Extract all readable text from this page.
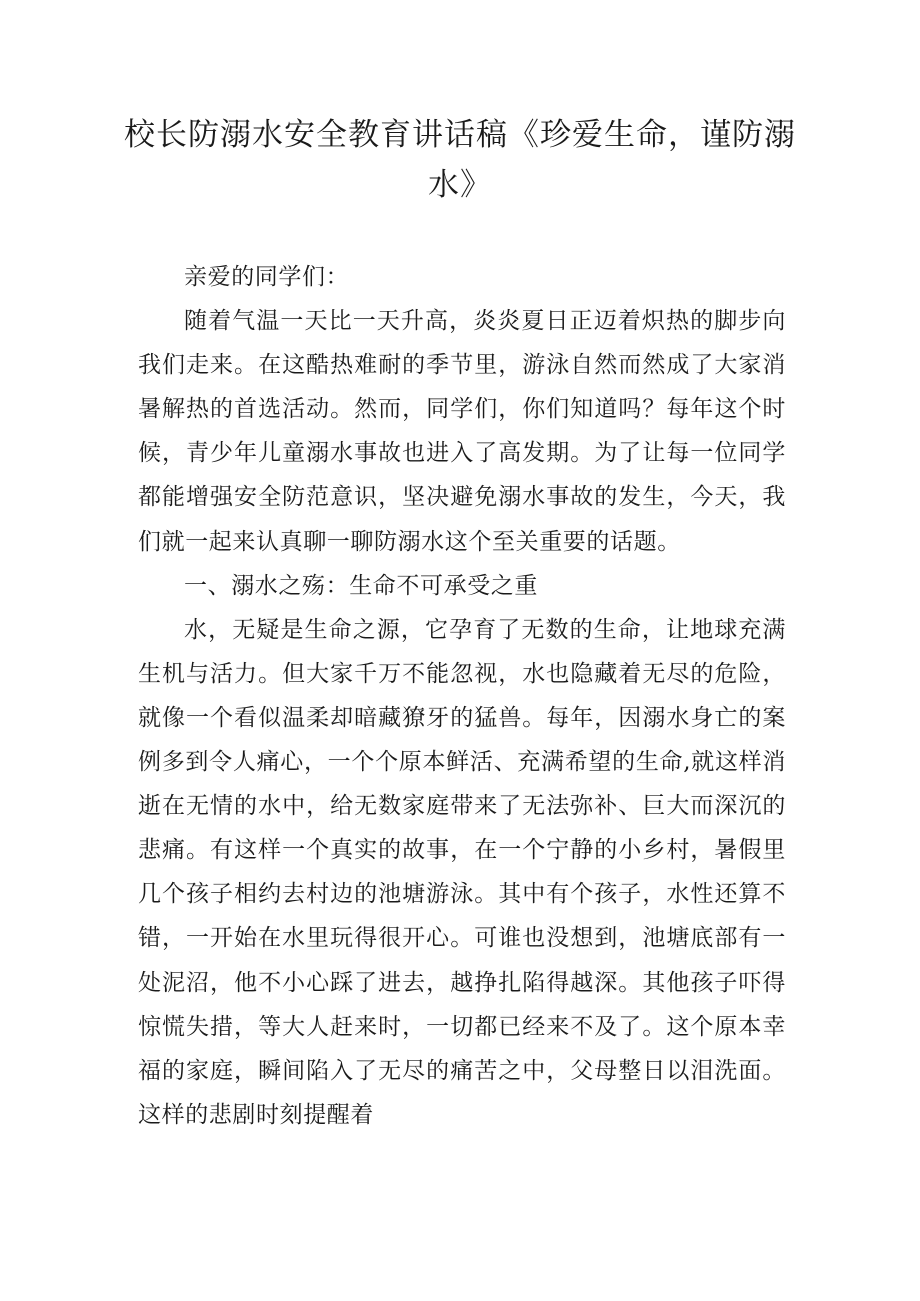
校长防溺水安全教育讲话稿《珍爱生命，谨防溺水》

亲爱的同学们：

随着气温一天比一天升高，炎炎夏日正迈着炽热的脚步向我们走来。在这酷热难耐的季节里，游泳自然而然成了大家消暑解热的首选活动。然而，同学们，你们知道吗？每年这个时候，青少年儿童溺水事故也进入了高发期。为了让每一位同学都能增强安全防范意识，坚决避免溺水事故的发生，今天，我们就一起来认真聊一聊防溺水这个至关重要的话题。

一、溺水之殇：生命不可承受之重

水，无疑是生命之源，它孕育了无数的生命，让地球充满生机与活力。但大家千万不能忽视，水也隐藏着无尽的危险，就像一个看似温柔却暗藏獠牙的猛兽。每年，因溺水身亡的案例多到令人痛心，一个个原本鲜活、充满希望的生命,就这样消逝在无情的水中，给无数家庭带来了无法弥补、巨大而深沉的悲痛。有这样一个真实的故事，在一个宁静的小乡村，暑假里几个孩子相约去村边的池塘游泳。其中有个孩子，水性还算不错，一开始在水里玩得很开心。可谁也没想到，池塘底部有一处泥沼，他不小心踩了进去，越挣扎陷得越深。其他孩子吓得惊慌失措，等大人赶来时，一切都已经来不及了。这个原本幸福的家庭，瞬间陷入了无尽的痛苦之中，父母整日以泪洗面。这样的悲剧时刻提醒着
